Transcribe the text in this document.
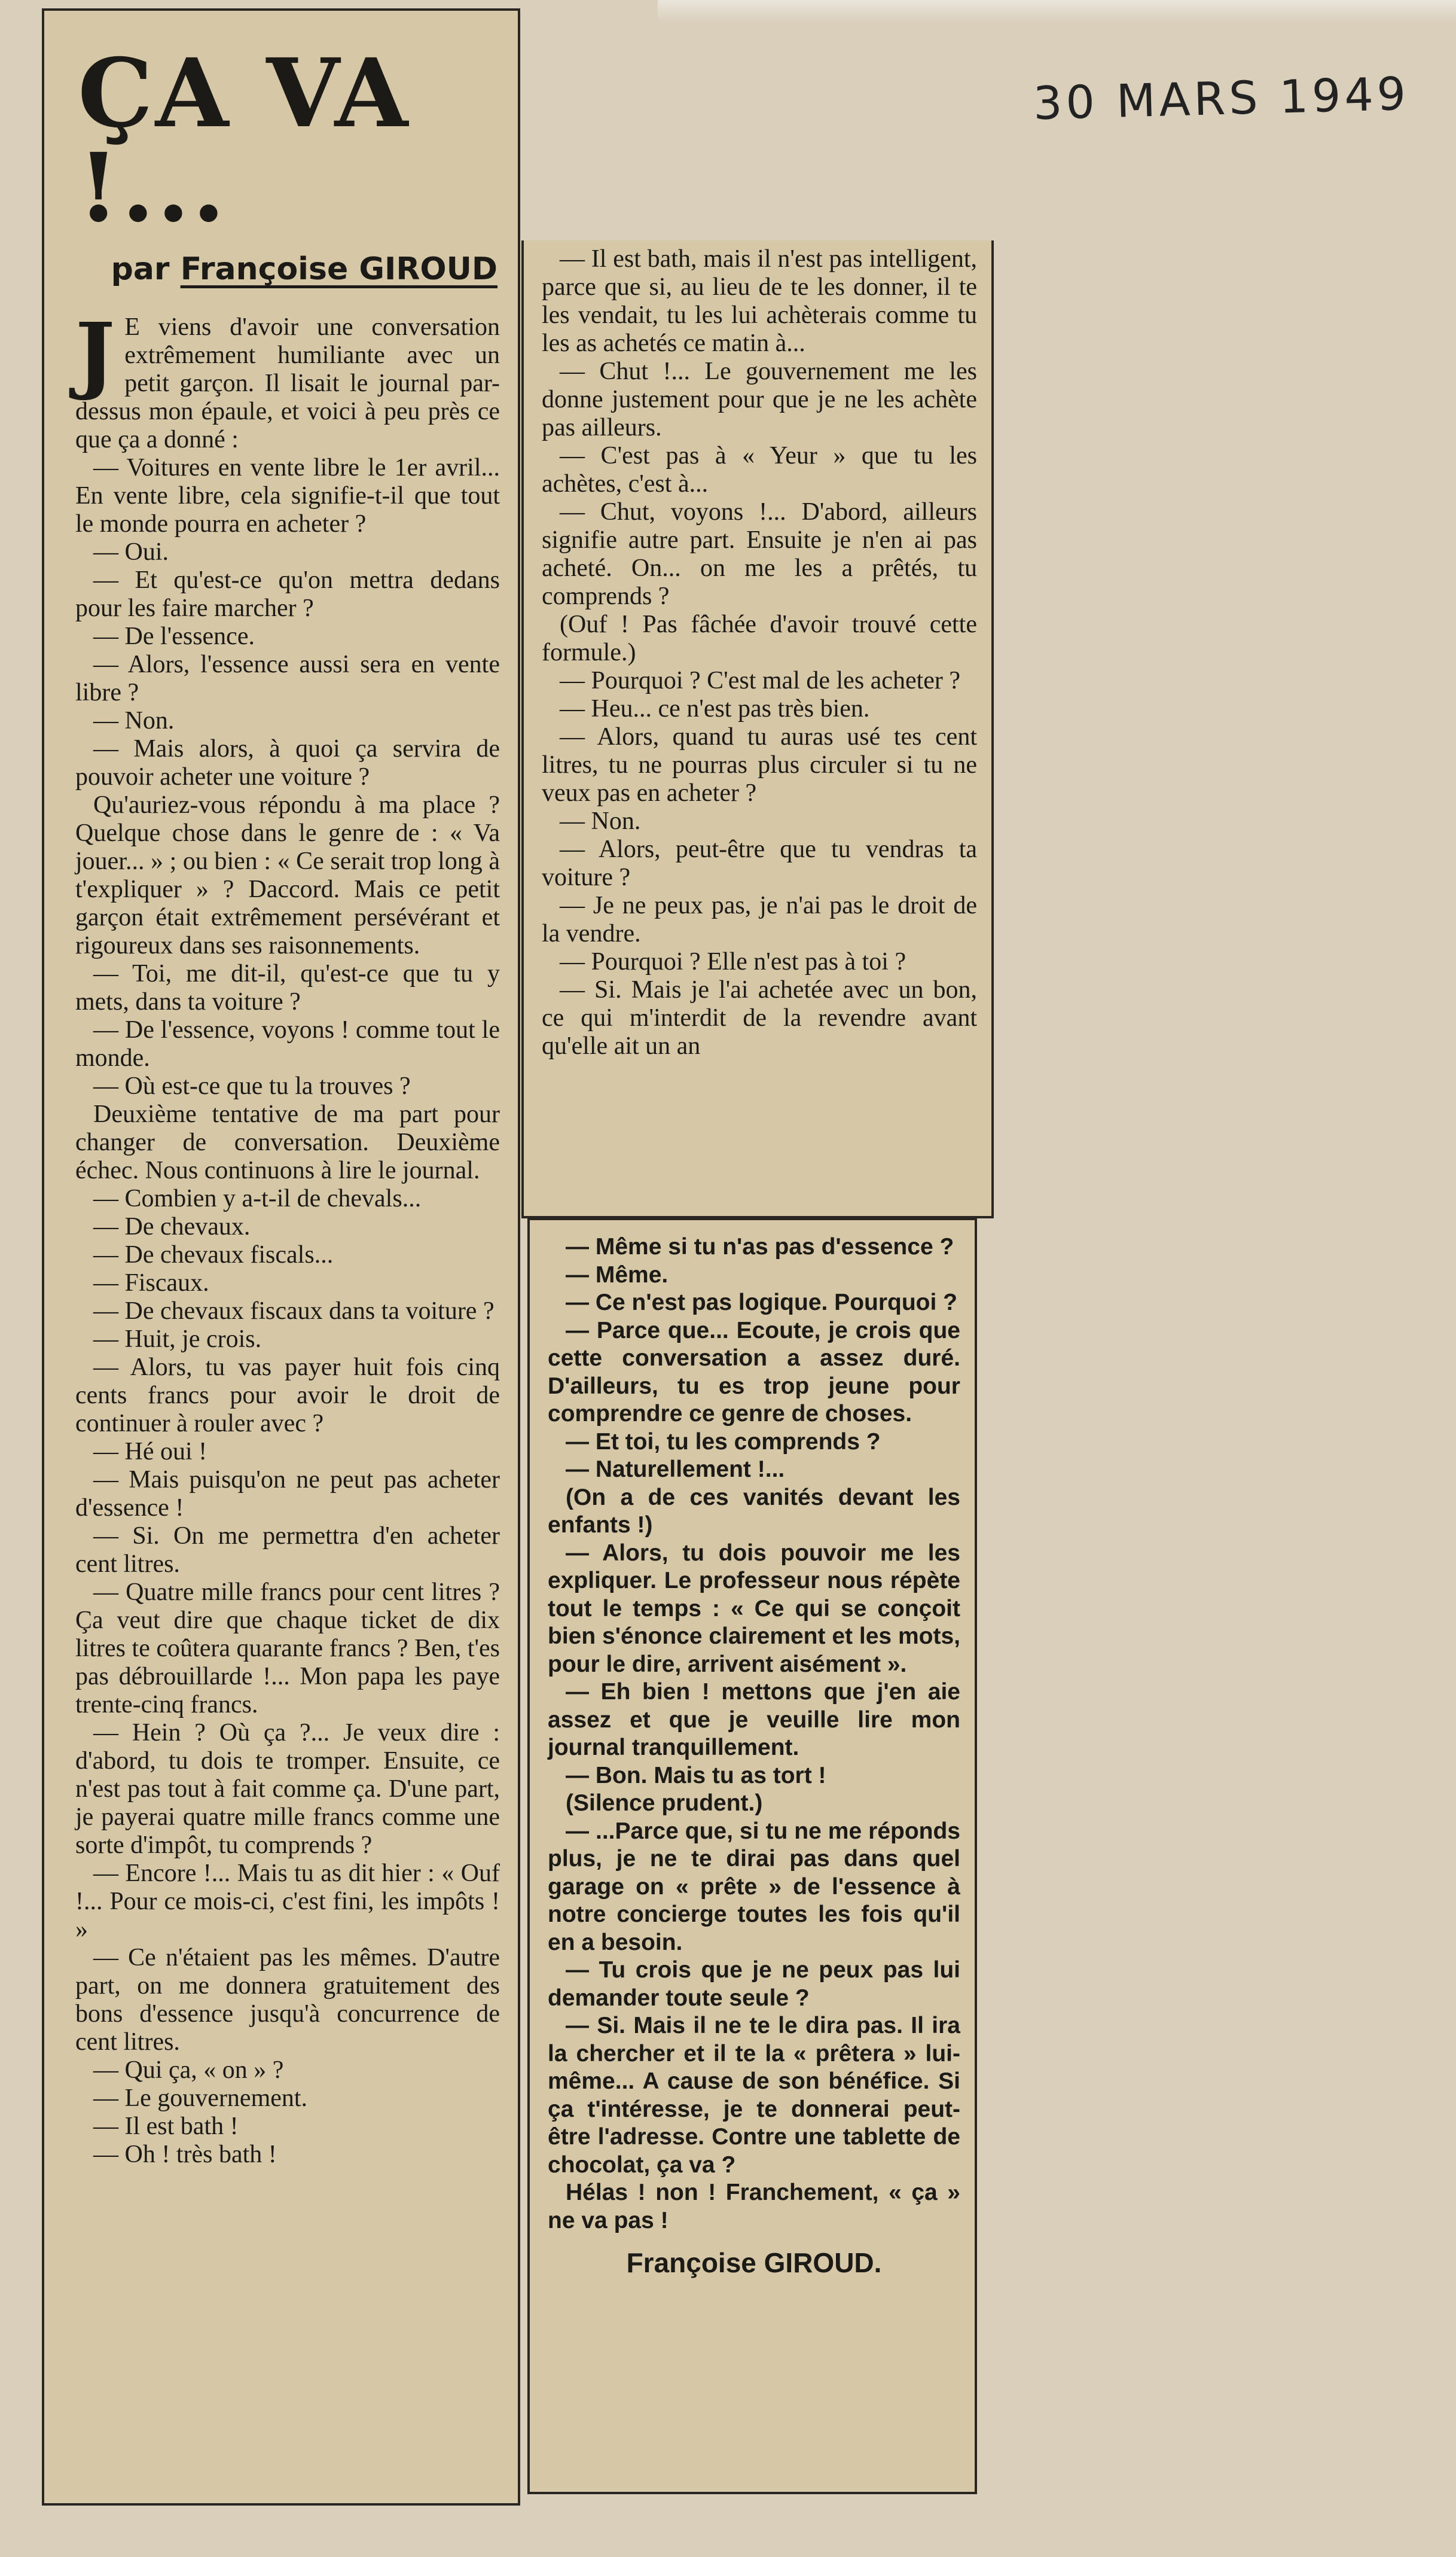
30 MARS 1949
ÇA VA !...
par Françoise GIROUD

J E viens d'avoir une conversation extrêmement humiliante avec un petit garçon. Il lisait le journal par-dessus mon épaule, et voici à peu près ce que ça a donné :

— Voitures en vente libre le 1er avril... En vente libre, cela signifie-t-il que tout le monde pourra en acheter ?

— Oui.

— Et qu'est-ce qu'on mettra dedans pour les faire marcher ?

— De l'essence.

— Alors, l'essence aussi sera en vente libre ?

— Non.

— Mais alors, à quoi ça servira de pouvoir acheter une voiture ?

Qu'auriez-vous répondu à ma place ? Quelque chose dans le genre de : « Va jouer... » ; ou bien : « Ce serait trop long à t'expliquer » ? Daccord. Mais ce petit garçon était extrêmement persévérant et rigoureux dans ses raisonnements.

— Toi, me dit-il, qu'est-ce que tu y mets, dans ta voiture ?

— De l'essence, voyons ! comme tout le monde.

— Où est-ce que tu la trouves ?

Deuxième tentative de ma part pour changer de conversation. Deuxième échec. Nous continuons à lire le journal.

— Combien y a-t-il de chevals...

— De chevaux.

— De chevaux fiscals...

— Fiscaux.

— De chevaux fiscaux dans ta voiture ?

— Huit, je crois.

— Alors, tu vas payer huit fois cinq cents francs pour avoir le droit de continuer à rouler avec ?

— Hé oui !

— Mais puisqu'on ne peut pas acheter d'essence !

— Si. On me permettra d'en acheter cent litres.

— Quatre mille francs pour cent litres ? Ça veut dire que chaque ticket de dix litres te coûtera quarante francs ? Ben, t'es pas débrouillarde !... Mon papa les paye trente-cinq francs.

— Hein ? Où ça ?... Je veux dire : d'abord, tu dois te tromper. Ensuite, ce n'est pas tout à fait comme ça. D'une part, je payerai quatre mille francs comme une sorte d'impôt, tu comprends ?

— Encore !... Mais tu as dit hier : « Ouf !... Pour ce mois-ci, c'est fini, les impôts ! »

— Ce n'étaient pas les mêmes. D'autre part, on me donnera gratuitement des bons d'essence jusqu'à concurrence de cent litres.

— Qui ça, « on » ?

— Le gouvernement.

— Il est bath !

— Oh ! très bath !

— Il est bath, mais il n'est pas intelligent, parce que si, au lieu de te les donner, il te les vendait, tu les lui achèterais comme tu les as achetés ce matin à...

— Chut !... Le gouvernement me les donne justement pour que je ne les achète pas ailleurs.

— C'est pas à « Yeur » que tu les achètes, c'est à...

— Chut, voyons !... D'abord, ailleurs signifie autre part. Ensuite je n'en ai pas acheté. On... on me les a prêtés, tu comprends ?

(Ouf ! Pas fâchée d'avoir trouvé cette formule.)

— Pourquoi ? C'est mal de les acheter ?

— Heu... ce n'est pas très bien.

— Alors, quand tu auras usé tes cent litres, tu ne pourras plus circuler si tu ne veux pas en acheter ?

— Non.

— Alors, peut-être que tu vendras ta voiture ?

— Je ne peux pas, je n'ai pas le droit de la vendre.

— Pourquoi ? Elle n'est pas à toi ?

— Si. Mais je l'ai achetée avec un bon, ce qui m'interdit de la revendre avant qu'elle ait un an

— Même si tu n'as pas d'essence ?

— Même.

— Ce n'est pas logique. Pourquoi ?

— Parce que... Ecoute, je crois que cette conversation a assez duré. D'ailleurs, tu es trop jeune pour comprendre ce genre de choses.

— Et toi, tu les comprends ?

— Naturellement !...

(On a de ces vanités devant les enfants !)

— Alors, tu dois pouvoir me les expliquer. Le professeur nous répète tout le temps : « Ce qui se conçoit bien s'énonce clairement et les mots, pour le dire, arrivent aisément ».

— Eh bien ! mettons que j'en aie assez et que je veuille lire mon journal tranquillement.

— Bon. Mais tu as tort !

(Silence prudent.)

— ...Parce que, si tu ne me réponds plus, je ne te dirai pas dans quel garage on « prête » de l'essence à notre concierge toutes les fois qu'il en a besoin.

— Tu crois que je ne peux pas lui demander toute seule ?

— Si. Mais il ne te le dira pas. Il ira la chercher et il te la « prêtera » lui-même... A cause de son bénéfice. Si ça t'intéresse, je te donnerai peut-être l'adresse. Contre une tablette de chocolat, ça va ?

Hélas ! non ! Franchement, « ça » ne va pas !

Françoise GIROUD.
